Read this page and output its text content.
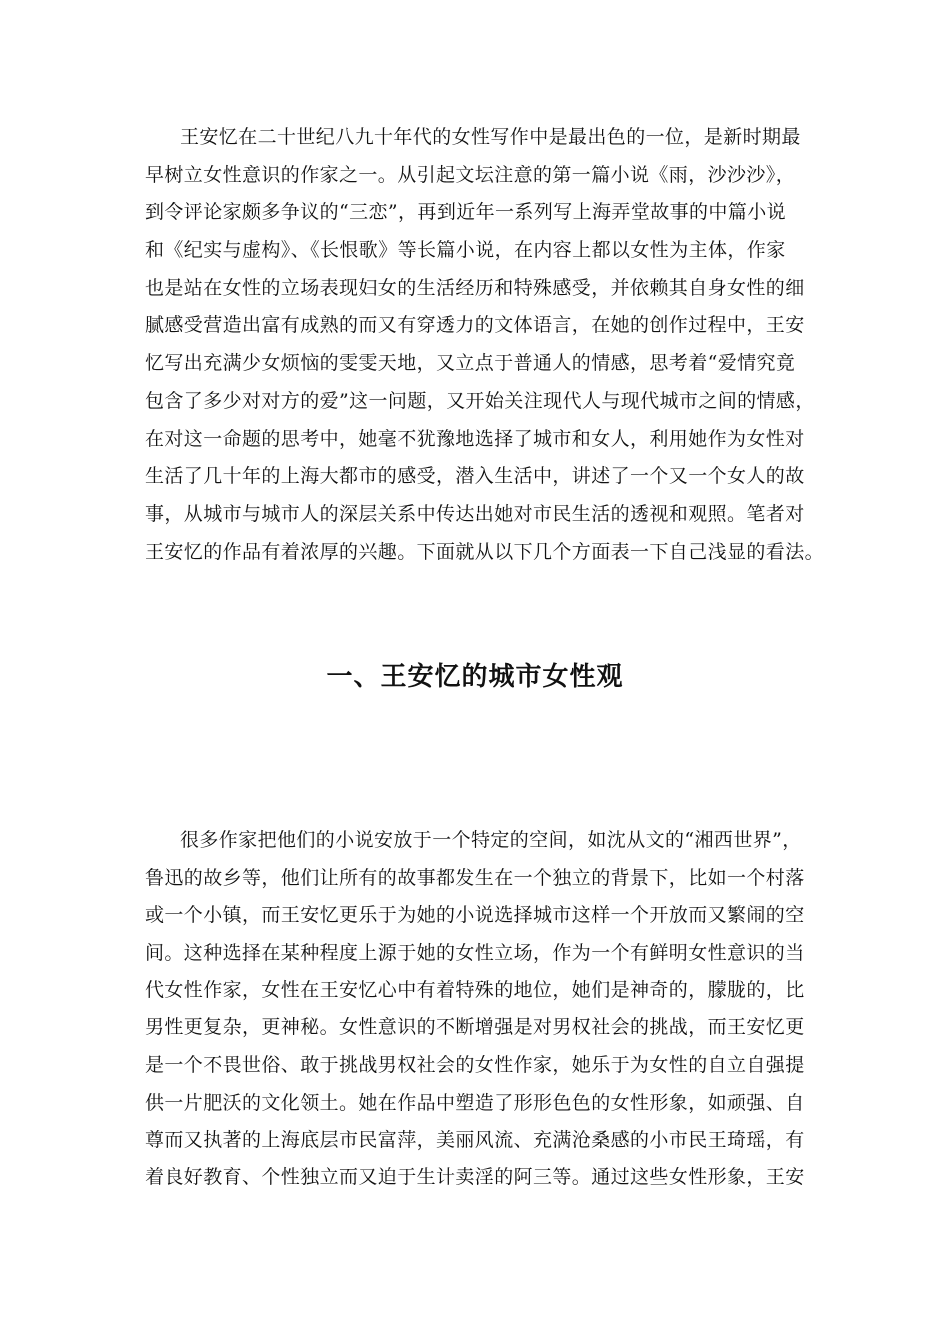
王安忆在二十世纪八九十年代的女性写作中是最出色的一位，是新时期最
早树立女性意识的作家之一。从引起文坛注意的第一篇小说《雨，沙沙沙》，
到令评论家颇多争议的“三恋”，再到近年一系列写上海弄堂故事的中篇小说
和《纪实与虚构》、《长恨歌》等长篇小说，在内容上都以女性为主体，作家
也是站在女性的立场表现妇女的生活经历和特殊感受，并依赖其自身女性的细
腻感受营造出富有成熟的而又有穿透力的文体语言，在她的创作过程中，王安
忆写出充满少女烦恼的雯雯天地，又立点于普通人的情感，思考着“爱情究竟
包含了多少对对方的爱”这一问题，又开始关注现代人与现代城市之间的情感，
在对这一命题的思考中，她毫不犹豫地选择了城市和女人，利用她作为女性对
生活了几十年的上海大都市的感受，潜入生活中，讲述了一个又一个女人的故
事，从城市与城市人的深层关系中传达出她对市民生活的透视和观照。笔者对
王安忆的作品有着浓厚的兴趣。下面就从以下几个方面表一下自己浅显的看法。
一、王安忆的城市女性观
很多作家把他们的小说安放于一个特定的空间，如沈从文的“湘西世界”，
鲁迅的故乡等，他们让所有的故事都发生在一个独立的背景下，比如一个村落
或一个小镇，而王安忆更乐于为她的小说选择城市这样一个开放而又繁闹的空
间。这种选择在某种程度上源于她的女性立场，作为一个有鲜明女性意识的当
代女性作家，女性在王安忆心中有着特殊的地位，她们是神奇的，朦胧的，比
男性更复杂，更神秘。女性意识的不断增强是对男权社会的挑战，而王安忆更
是一个不畏世俗、敢于挑战男权社会的女性作家，她乐于为女性的自立自强提
供一片肥沃的文化领土。她在作品中塑造了形形色色的女性形象，如顽强、自
尊而又执著的上海底层市民富萍，美丽风流、充满沧桑感的小市民王琦瑶，有
着良好教育、个性独立而又迫于生计卖淫的阿三等。通过这些女性形象，王安
